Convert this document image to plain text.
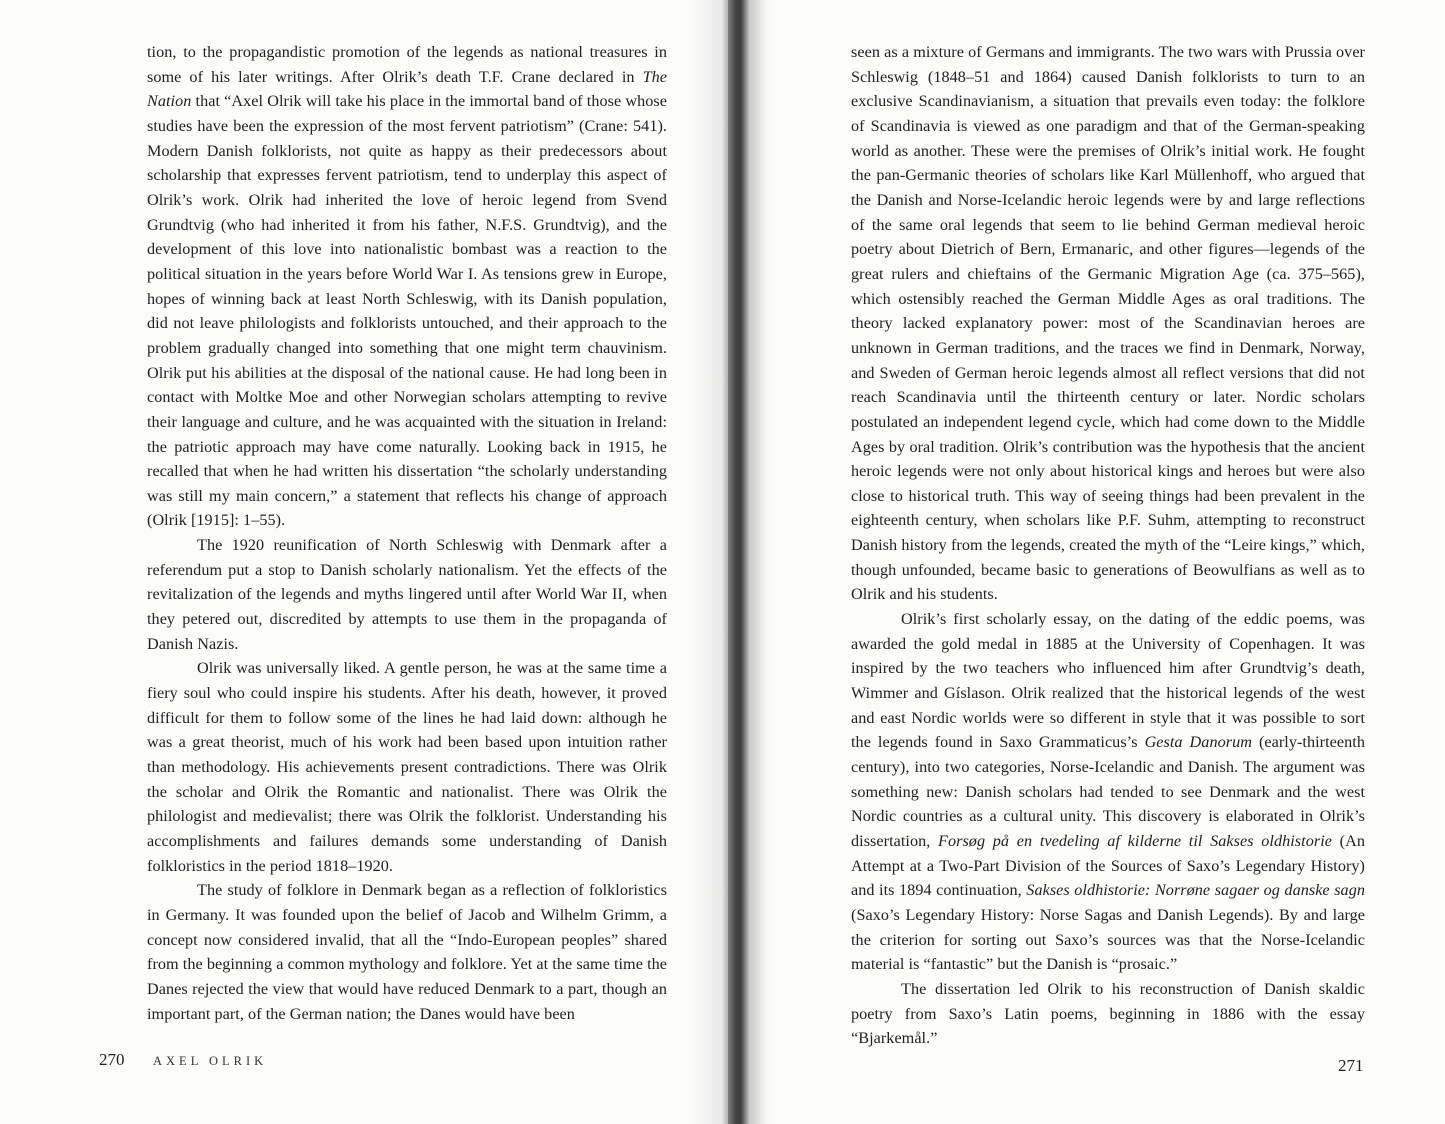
tion, to the propagandistic promotion of the legends as national treasures in some of his later writings. After Olrik’s death T.F. Crane declared in The Nation that “Axel Olrik will take his place in the immortal band of those whose studies have been the expression of the most fervent patriotism” (Crane: 541). Modern Danish folklorists, not quite as happy as their predecessors about scholarship that expresses fervent patriotism, tend to underplay this aspect of Olrik’s work. Olrik had inherited the love of heroic legend from Svend Grundtvig (who had inherited it from his father, N.F.S. Grundtvig), and the development of this love into nationalistic bombast was a reaction to the political situation in the years before World War I. As tensions grew in Europe, hopes of winning back at least North Schleswig, with its Danish population, did not leave philologists and folklorists untouched, and their approach to the problem gradually changed into something that one might term chauvinism. Olrik put his abilities at the disposal of the national cause. He had long been in contact with Moltke Moe and other Norwegian scholars attempting to revive their language and culture, and he was acquainted with the situation in Ireland: the patriotic approach may have come naturally. Looking back in 1915, he recalled that when he had written his dissertation “the scholarly understanding was still my main concern,” a statement that reflects his change of approach (Olrik [1915]: 1–55).

The 1920 reunification of North Schleswig with Denmark after a referendum put a stop to Danish scholarly nationalism. Yet the effects of the revitalization of the legends and myths lingered until after World War II, when they petered out, discredited by attempts to use them in the propaganda of Danish Nazis.

Olrik was universally liked. A gentle person, he was at the same time a fiery soul who could inspire his students. After his death, however, it proved difficult for them to follow some of the lines he had laid down: although he was a great theorist, much of his work had been based upon intuition rather than methodology. His achievements present contradictions. There was Olrik the scholar and Olrik the Romantic and nationalist. There was Olrik the philologist and medievalist; there was Olrik the folklorist. Understanding his accomplishments and failures demands some understanding of Danish folkloristics in the period 1818–1920.

The study of folklore in Denmark began as a reflection of folkloristics in Germany. It was founded upon the belief of Jacob and Wilhelm Grimm, a concept now considered invalid, that all the “Indo-European peoples” shared from the beginning a common mythology and folklore. Yet at the same time the Danes rejected the view that would have reduced Denmark to a part, though an important part, of the German nation; the Danes would have been

270 AXEL OLRIK

seen as a mixture of Germans and immigrants. The two wars with Prussia over Schleswig (1848–51 and 1864) caused Danish folklorists to turn to an exclusive Scandinavianism, a situation that prevails even today: the folklore of Scandinavia is viewed as one paradigm and that of the German-speaking world as another. These were the premises of Olrik’s initial work. He fought the pan-Germanic theories of scholars like Karl Müllenhoff, who argued that the Danish and Norse-Icelandic heroic legends were by and large reflections of the same oral legends that seem to lie behind German medieval heroic poetry about Dietrich of Bern, Ermanaric, and other figures—legends of the great rulers and chieftains of the Germanic Migration Age (ca. 375–565), which ostensibly reached the German Middle Ages as oral traditions. The theory lacked explanatory power: most of the Scandinavian heroes are unknown in German traditions, and the traces we find in Denmark, Norway, and Sweden of German heroic legends almost all reflect versions that did not reach Scandinavia until the thirteenth century or later. Nordic scholars postulated an independent legend cycle, which had come down to the Middle Ages by oral tradition. Olrik’s contribution was the hypothesis that the ancient heroic legends were not only about historical kings and heroes but were also close to historical truth. This way of seeing things had been prevalent in the eighteenth century, when scholars like P.F. Suhm, attempting to reconstruct Danish history from the legends, created the myth of the “Leire kings,” which, though unfounded, became basic to generations of Beowulfians as well as to Olrik and his students.

Olrik’s first scholarly essay, on the dating of the eddic poems, was awarded the gold medal in 1885 at the University of Copenhagen. It was inspired by the two teachers who influenced him after Grundtvig’s death, Wimmer and Gíslason. Olrik realized that the historical legends of the west and east Nordic worlds were so different in style that it was possible to sort the legends found in Saxo Grammaticus’s Gesta Danorum (early-thirteenth century), into two categories, Norse-Icelandic and Danish. The argument was something new: Danish scholars had tended to see Denmark and the west Nordic countries as a cultural unity. This discovery is elaborated in Olrik’s dissertation, Forsøg på en tvedeling af kilderne til Sakses oldhistorie (An Attempt at a Two-Part Division of the Sources of Saxo’s Legendary History) and its 1894 continuation, Sakses oldhistorie: Norrøne sagaer og danske sagn (Saxo’s Legendary History: Norse Sagas and Danish Legends). By and large the criterion for sorting out Saxo’s sources was that the Norse-Icelandic material is “fantastic” but the Danish is “prosaic.”

The dissertation led Olrik to his reconstruction of Danish skaldic poetry from Saxo’s Latin poems, beginning in 1886 with the essay “Bjarkemål.”

271
